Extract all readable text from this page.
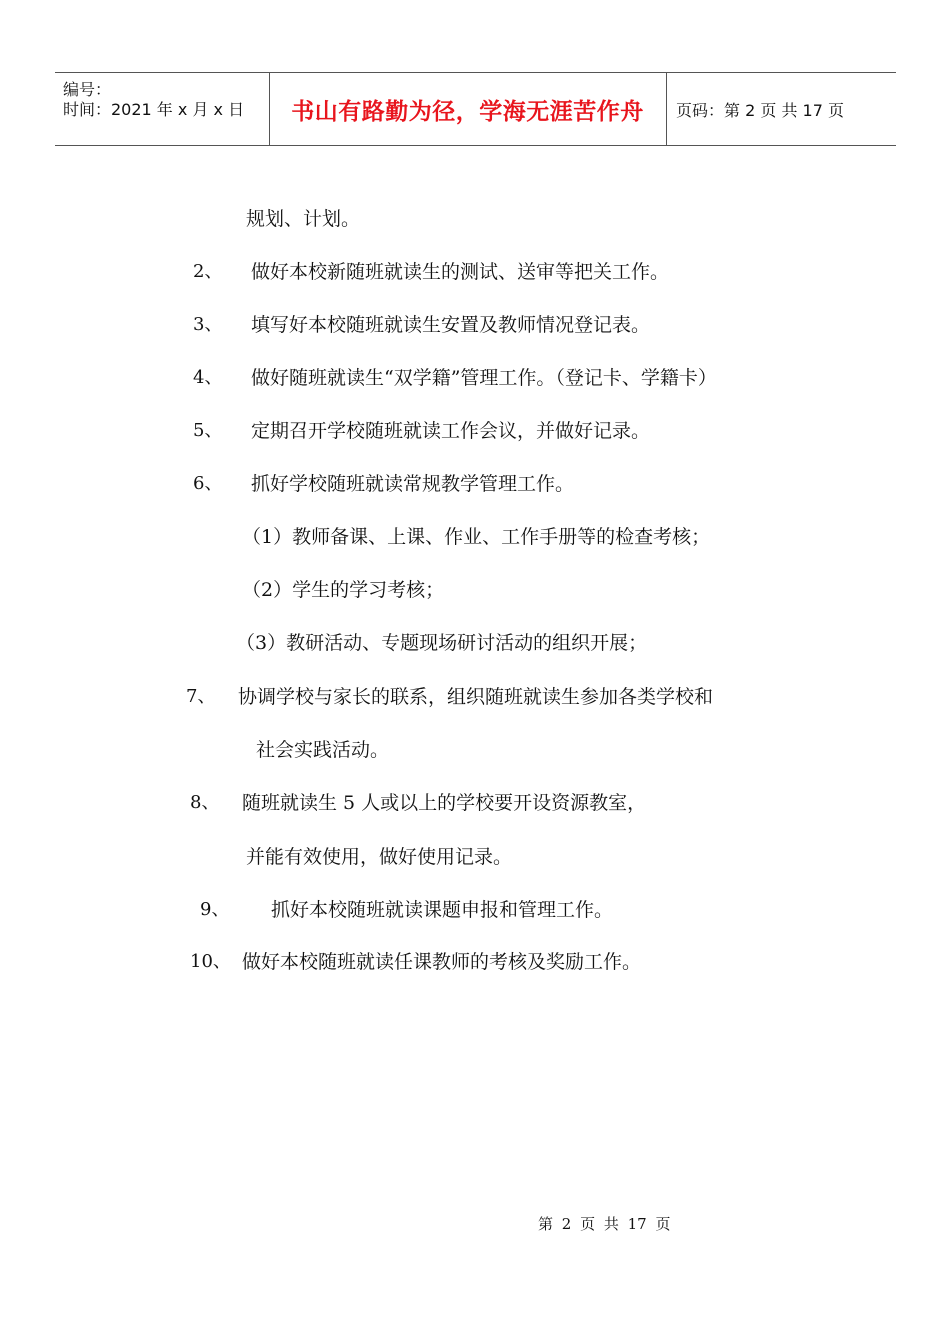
编号：
时间：2021 年 x 月 x 日 书山有路勤为径，学海无涯苦作舟 页码：第 2 页 共 17 页
规划、计划。
2、 做好本校新随班就读生的测试、送审等把关工作。
3、 填写好本校随班就读生安置及教师情况登记表。
4、 做好随班就读生“双学籍”管理工作。（登记卡、学籍卡）
5、 定期召开学校随班就读工作会议，并做好记录。
6、 抓好学校随班就读常规教学管理工作。
（1）教师备课、上课、作业、工作手册等的检查考核；
（2）学生的学习考核；
（3）教研活动、专题现场研讨活动的组织开展；
7、 协调学校与家长的联系，组织随班就读生参加各类学校和
社会实践活动。
8、 随班就读生 5 人或以上的学校要开设资源教室，
并能有效使用，做好使用记录。
9、 抓好本校随班就读课题申报和管理工作。
10、 做好本校随班就读任课教师的考核及奖励工作。
第 2 页 共 17 页
